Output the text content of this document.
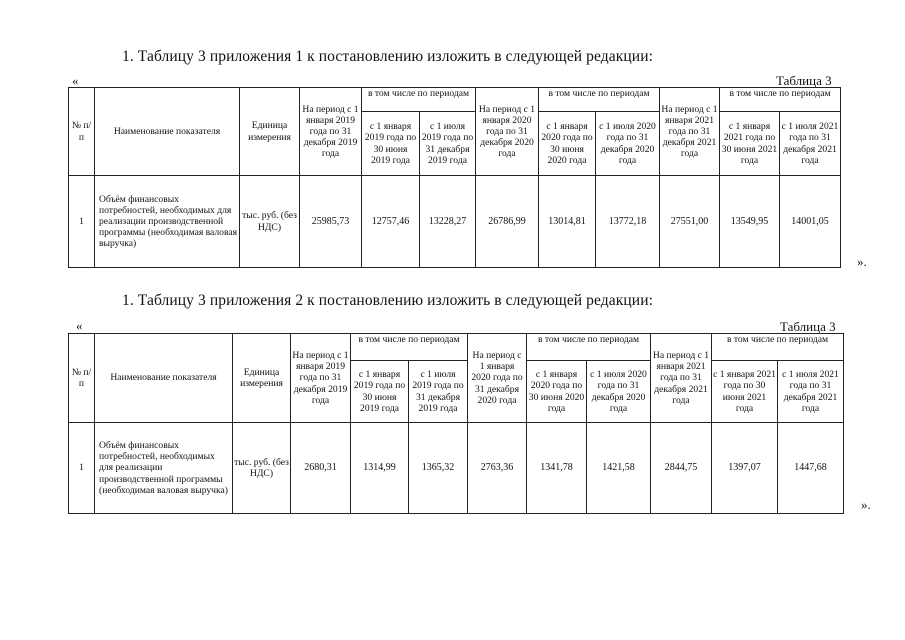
1. Таблицу 3 приложения 1 к постановлению изложить в следующей редакции:
«	Таблица 3
№ п/п	Наименование показателя	Единица измерения	На период с 1 января 2019 года по 31 декабря 2019 года	в том числе по периодам		На период с 1 января 2020 года по 31 декабря 2020 года	в том числе по периодам		На период с 1 января 2021 года по 31 декабря 2021 года	в том числе по периодам	
				с 1 января 2019 года по 30 июня 2019 года	с 1 июля 2019 года по 31 декабря 2019 года		с 1 января 2020 года по 30 июня 2020 года	с 1 июля 2020 года по 31 декабря 2020 года		с 1 января 2021 года по 30 июня 2021 года	с 1 июля 2021 года по 31 декабря 2021 года
1	Объём финансовых потребностей, необходимых для реализации производственной программы (необходимая валовая выручка)	тыс. руб. (без НДС)	25985,73	12757,46	13228,27	26786,99	13014,81	13772,18	27551,00	13549,95	14001,05
».
1. Таблицу 3 приложения 2 к постановлению изложить в следующей редакции:
«	Таблица 3
№ п/п	Наименование показателя	Единица измерения	На период с 1 января 2019 года по 31 декабря 2019 года	в том числе по периодам		На период с 1 января 2020 года по 31 декабря 2020 года	в том числе по периодам		На период с 1 января 2021 года по 31 декабря 2021 года	в том числе по периодам	
				с 1 января 2019 года по 30 июня 2019 года	с 1 июля 2019 года по 31 декабря 2019 года		с 1 января 2020 года по 30 июня 2020 года	с 1 июля 2020 года по 31 декабря 2020 года		с 1 января 2021 года по 30 июня 2021 года	с 1 июля 2021 года по 31 декабря 2021 года
1	Объём финансовых потребностей, необходимых для реализации производственной программы (необходимая валовая выручка)	тыс. руб. (без НДС)	2680,31	1314,99	1365,32	2763,36	1341,78	1421,58	2844,75	1397,07	1447,68
».
